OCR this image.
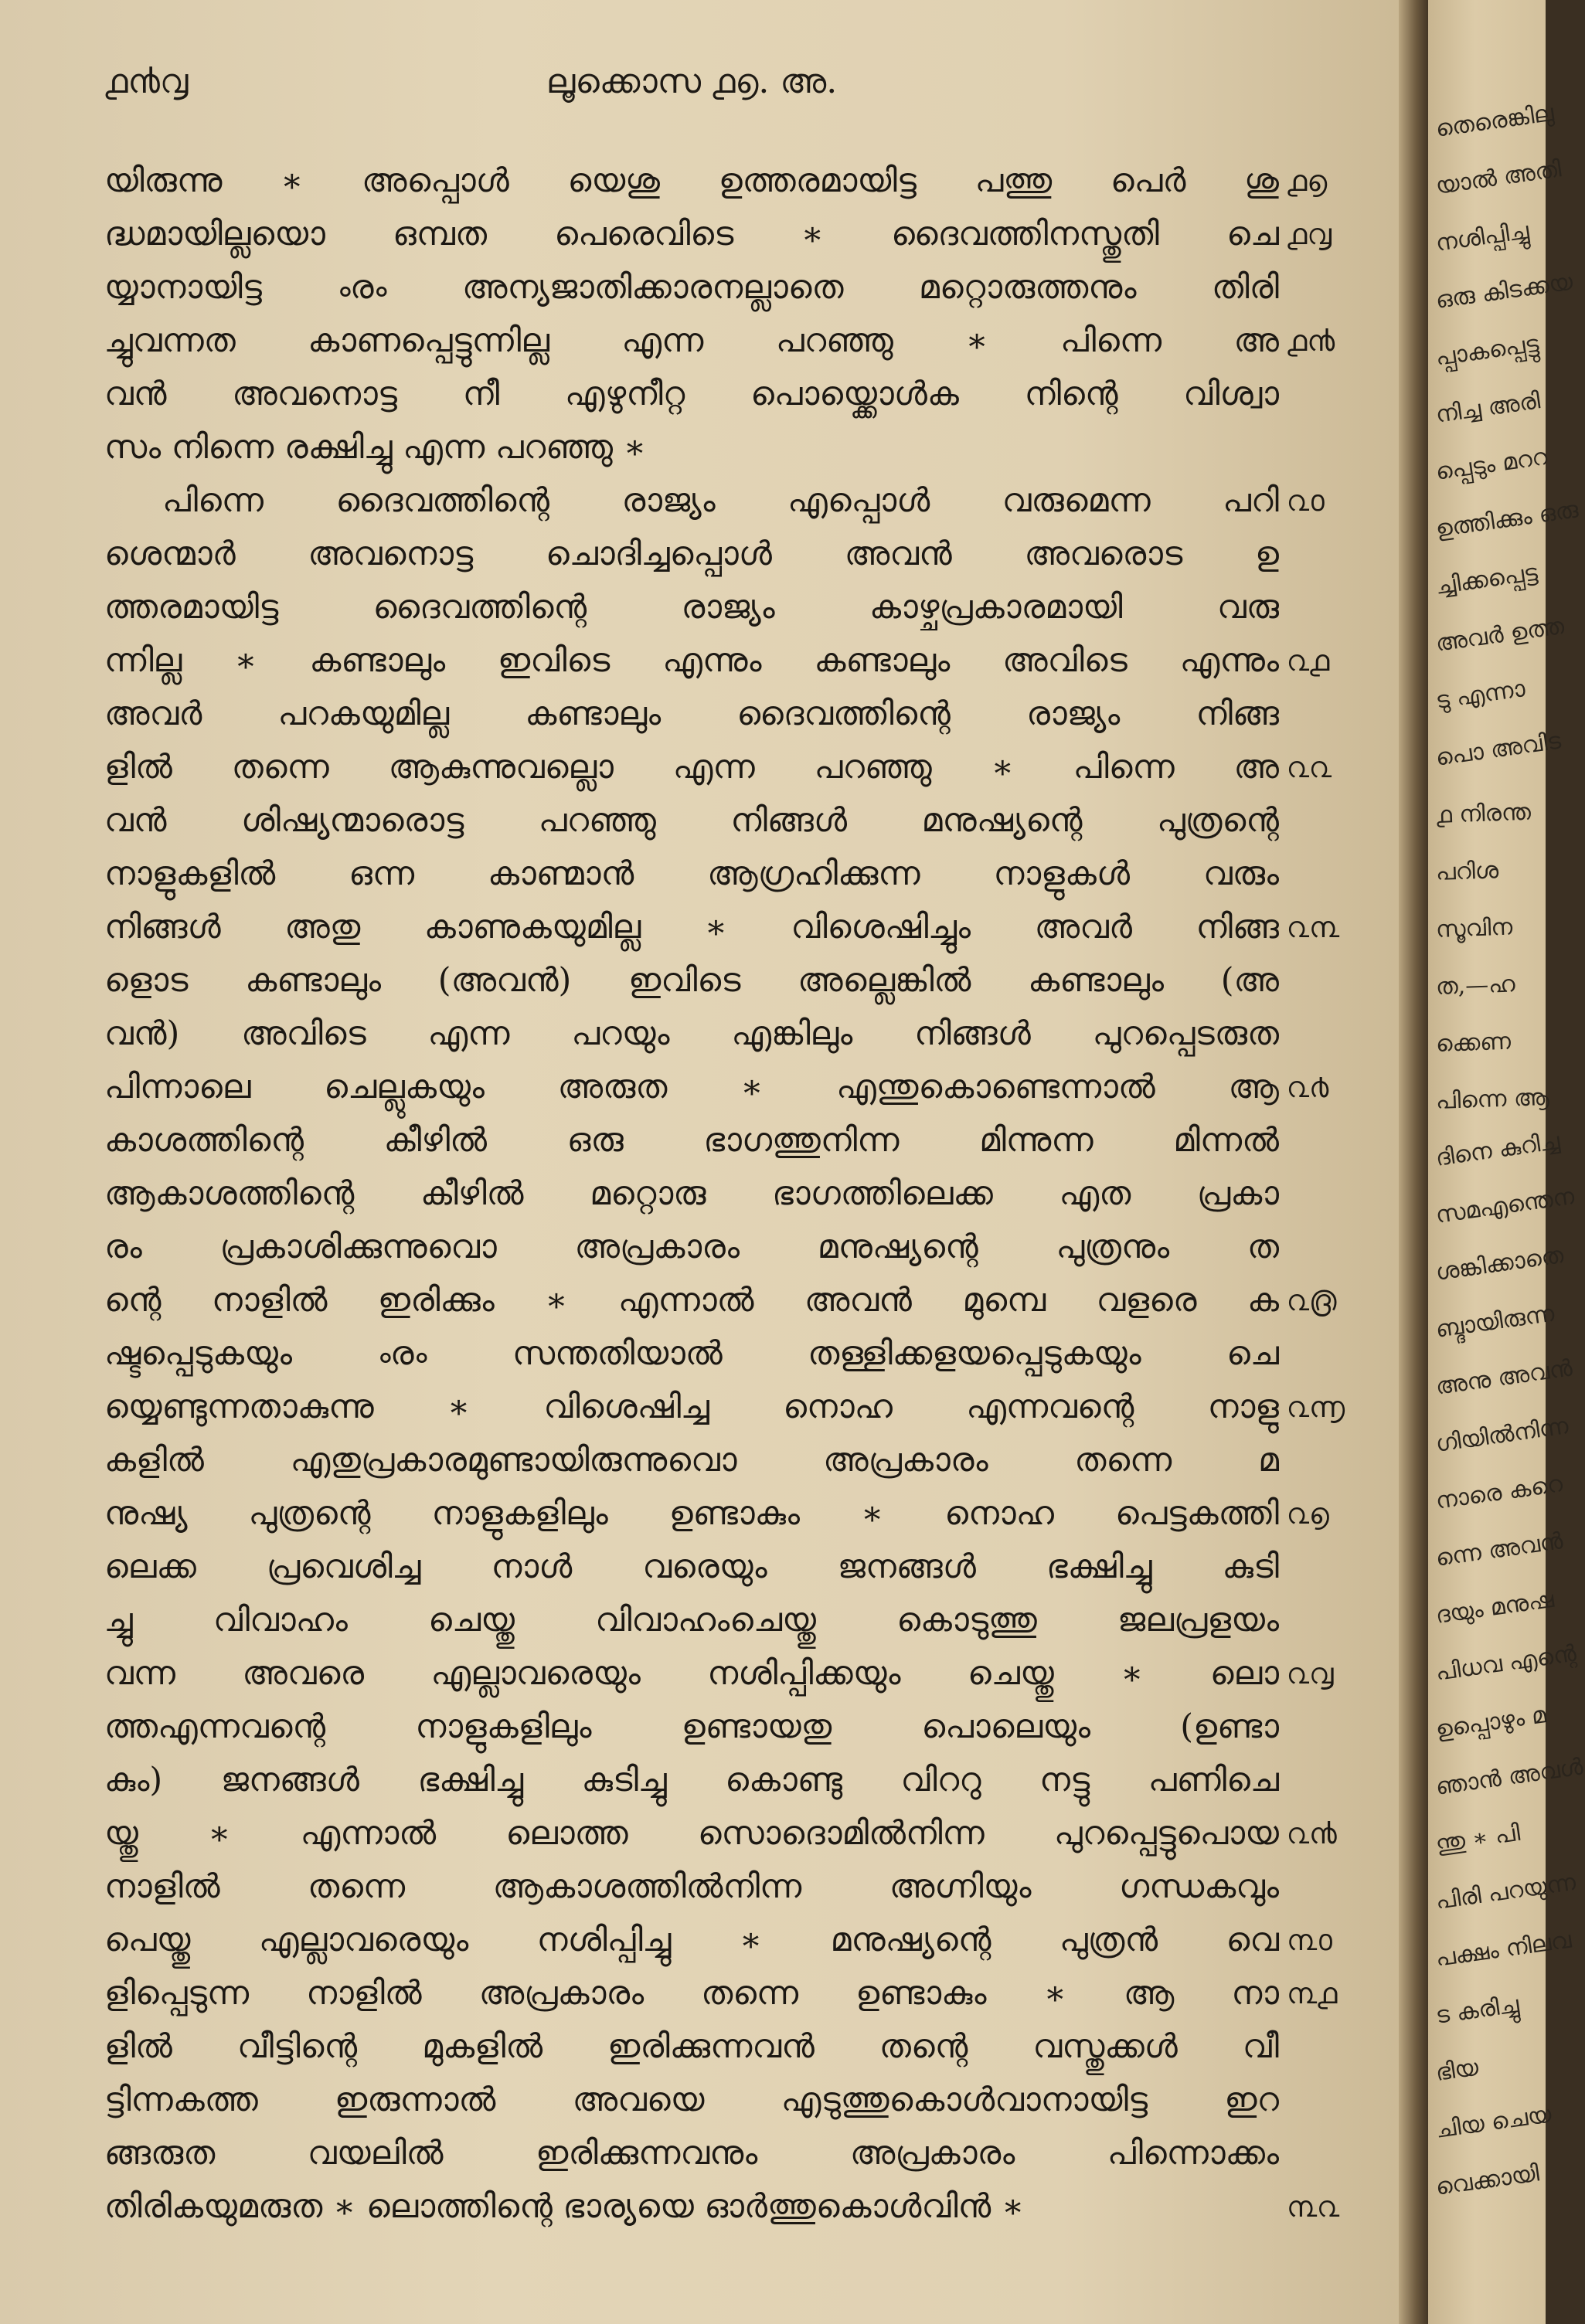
൧൯൮	ലൂക്കൊസ ൧൭. അ.
യിരുന്നു ∗ അപ്പൊൾ യെശു ഉത്തരമായിട്ട പത്തു പെർ ശു
ദ്ധമായില്ലയൊ ഒമ്പത പെരെവിടെ ∗ ദൈവത്തിനസ്തുതി ചെ
യ്യാനായിട്ട ൟ അന്യജാതിക്കാരനല്ലാതെ മറ്റൊരുത്തനും തിരി
ച്ചുവന്നത കാണപ്പെട്ടുന്നില്ല എന്ന പറഞ്ഞു ∗ പിന്നെ അ
വൻ അവനൊട്ട നീ എഴുനീറ്റ പൊയ്ക്കൊൾക നിന്റെ വിശ്വാ
സം നിന്നെ രക്ഷിച്ചു എന്ന പറഞ്ഞു ∗
പിന്നെ ദൈവത്തിന്റെ രാജ്യം എപ്പൊൾ വരുമെന്ന പറി
ശെന്മാർ അവനൊട്ട ചൊദിച്ചപ്പൊൾ അവൻ അവരൊട ഉ
ത്തരമായിട്ട ദൈവത്തിന്റെ രാജ്യം കാഴ്ചപ്രകാരമായി വരു
ന്നില്ല ∗ കണ്ടാലും ഇവിടെ എന്നും കണ്ടാലും അവിടെ എന്നും
അവർ പറകയുമില്ല കണ്ടാലും ദൈവത്തിന്റെ രാജ്യം നിങ്ങ
ളിൽ തന്നെ ആകുന്നുവല്ലൊ എന്ന പറഞ്ഞു ∗ പിന്നെ അ
വൻ ശിഷ്യന്മാരൊട്ട പറഞ്ഞു നിങ്ങൾ മനുഷ്യന്റെ പുത്രന്റെ
നാളുകളിൽ ഒന്ന കാണ്മാൻ ആഗ്രഹിക്കുന്ന നാളുകൾ വരും
നിങ്ങൾ അതു കാണുകയുമില്ല ∗ വിശെഷിച്ചും അവർ നിങ്ങ
ളൊട കണ്ടാലും (അവൻ) ഇവിടെ അല്ലെങ്കിൽ കണ്ടാലും (അ
വൻ) അവിടെ എന്ന പറയും എങ്കിലും നിങ്ങൾ പുറപ്പെടരുത
പിന്നാലെ ചെല്ലുകയും അരുത ∗ എന്തുകൊണ്ടെന്നാൽ ആ
കാശത്തിന്റെ കീഴിൽ ഒരു ഭാഗത്തുനിന്ന മിന്നുന്ന മിന്നൽ
ആകാശത്തിന്റെ കീഴിൽ മറ്റൊരു ഭാഗത്തിലെക്ക എത പ്രകാ
രം പ്രകാശിക്കുന്നുവൊ അപ്രകാരം മനുഷ്യന്റെ പുത്രനും ത
ന്റെ നാളിൽ ഇരിക്കും ∗ എന്നാൽ അവൻ മുമ്പെ വളരെ ക
ഷ്ടപ്പെടുകയും ൟ സന്തതിയാൽ തള്ളിക്കളയപ്പെടുകയും ചെ
യ്യെണ്ടുന്നതാകുന്നു ∗ വിശെഷിച്ച നൊഹ എന്നവന്റെ നാളു
കളിൽ എതുപ്രകാരമുണ്ടായിരുന്നുവൊ അപ്രകാരം തന്നെ മ
നുഷ്യ പുത്രന്റെ നാളുകളിലും ഉണ്ടാകും ∗ നൊഹ പെട്ടകത്തി
ലെക്ക പ്രവെശിച്ച നാൾ വരെയും ജനങ്ങൾ ഭക്ഷിച്ചു കുടി
ച്ചു വിവാഹം ചെയ്തു വിവാഹംചെയ്തു കൊടുത്തു ജലപ്രളയം
വന്ന അവരെ എല്ലാവരെയും നശിപ്പിക്കയും ചെയ്തു ∗ ലൊ
ത്തഎന്നവന്റെ നാളുകളിലും ഉണ്ടായതു പൊലെയും (ഉണ്ടാ
കും) ജനങ്ങൾ ഭക്ഷിച്ചു കുടിച്ചു കൊണ്ടു വിററു നട്ടു പണിചെ
യ്തു ∗ എന്നാൽ ലൊത്ത സൊദൊമിൽനിന്ന പുറപ്പെട്ടുപൊയ
നാളിൽ തന്നെ ആകാശത്തിൽനിന്ന അഗ്നിയും ഗന്ധകവും
പെയ്തു എല്ലാവരെയും നശിപ്പിച്ചു ∗ മനുഷ്യന്റെ പുത്രൻ വെ
ളിപ്പെടുന്ന നാളിൽ അപ്രകാരം തന്നെ ഉണ്ടാകും ∗ ആ നാ
ളിൽ വീട്ടിന്റെ മുകളിൽ ഇരിക്കുന്നവൻ തന്റെ വസ്തുക്കൾ വീ
ട്ടിന്നകത്ത ഇരുന്നാൽ അവയെ എടുത്തുകൊൾവാനായിട്ട ഇറ
ങ്ങരുത വയലിൽ ഇരിക്കുന്നവനും അപ്രകാരം പിന്നൊക്കം
തിരികയുമരുത ∗ ലൊത്തിന്റെ ഭാര്യയെ ഓർത്തുകൊൾവിൻ ∗
൧൭
൧൮
൧൯
൨൦
൨൧
൨൨
൨൩
൨൪
൨൫
൨൬
൨൭
൨൮
൨൯
൩൦
൩൧
൩൨
തെരെങ്കിലു
യാൽ അതി
നശിപ്പിച്ചു
ഒരു കിടക്കയ
പ്പാകപ്പെട്ടു
നിച്ച അരി
പ്പെടും മററ
ഉത്തിക്കും ഒരു
ച്ചിക്കപ്പെട്ട
അവർ ഉത്ത
ടു എന്നാ
പൊ അവിട
൧ നിരന്ത
പറിശ
സൂവിന
ത,—ഹ
ക്കെണ
പിന്നെ ആ
ദിനെ കുറിച്ച
സമഎന്തെന
ശങ്കിക്കാതെ
ബ്ദായിരുന്ന
അനു അവൻ
ഗിയിൽനിന്ന
നാരെ കറെ
ന്നെ അവൻ
ദയും മനുഷ
പിധവ എന്റെ
ഉപ്പൊഴും മ
ഞാൻ അവൾ
ന്തു ∗ പി
പിരി പറയുന്ന
പക്ഷം നിലവ
ട കരിച്ചു
ഭിയ
ചിയ ചെയ
വെക്കായി
